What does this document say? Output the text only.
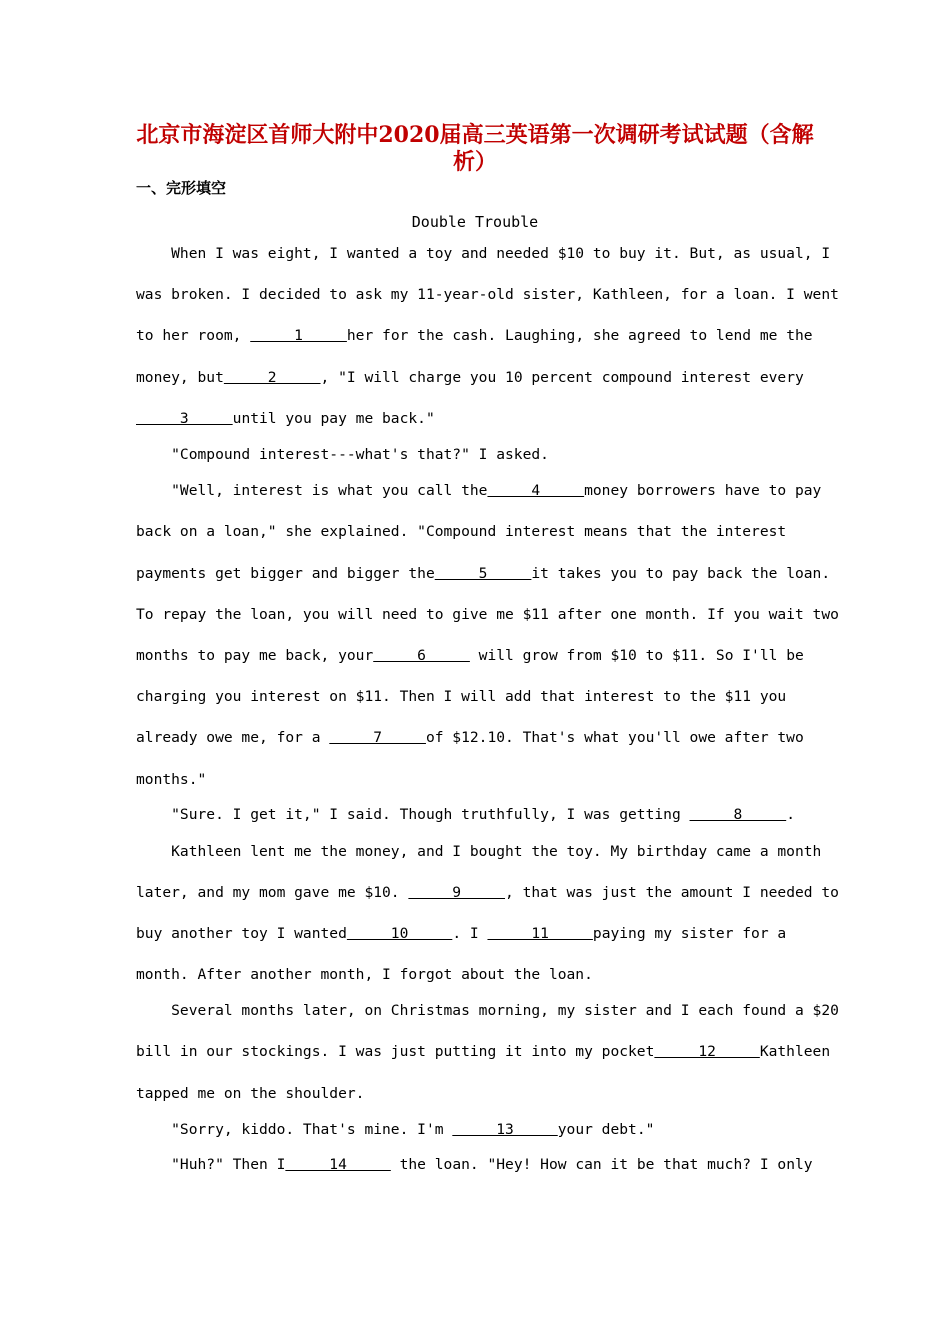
北京市海淀区首师大附中2020届高三英语第一次调研考试试题（含解析）
一、完形填空
Double Trouble
When I was eight, I wanted a toy and needed $10 to buy it. But, as usual, I
was broken. I decided to ask my 11-year-old sister, Kathleen, for a loan. I went
to her room,      1     her for the cash. Laughing, she agreed to lend me the
money, but     2     , "I will charge you 10 percent compound interest every
3     until you pay me back."
"Compound interest---what's that?" I asked.
"Well, interest is what you call the     4     money borrowers have to pay
back on a loan," she explained. "Compound interest means that the interest
payments get bigger and bigger the     5     it takes you to pay back the loan.
To repay the loan, you will need to give me $11 after one month. If you wait two
months to pay me back, your     6      will grow from $10 to $11. So I'll be
charging you interest on $11. Then I will add that interest to the $11 you
already owe me, for a      7     of $12.10. That's what you'll owe after two
months."
"Sure. I get it," I said. Though truthfully, I was getting      8     .
Kathleen lent me the money, and I bought the toy. My birthday came a month
later, and my mom gave me $10.      9     , that was just the amount I needed to
buy another toy I wanted     10     . I      11     paying my sister for a
month. After another month, I forgot about the loan.
Several months later, on Christmas morning, my sister and I each found a $20
bill in our stockings. I was just putting it into my pocket     12     Kathleen
tapped me on the shoulder.
"Sorry, kiddo. That's mine. I'm      13     your debt."
"Huh?" Then I     14      the loan. "Hey! How can it be that much? I only
